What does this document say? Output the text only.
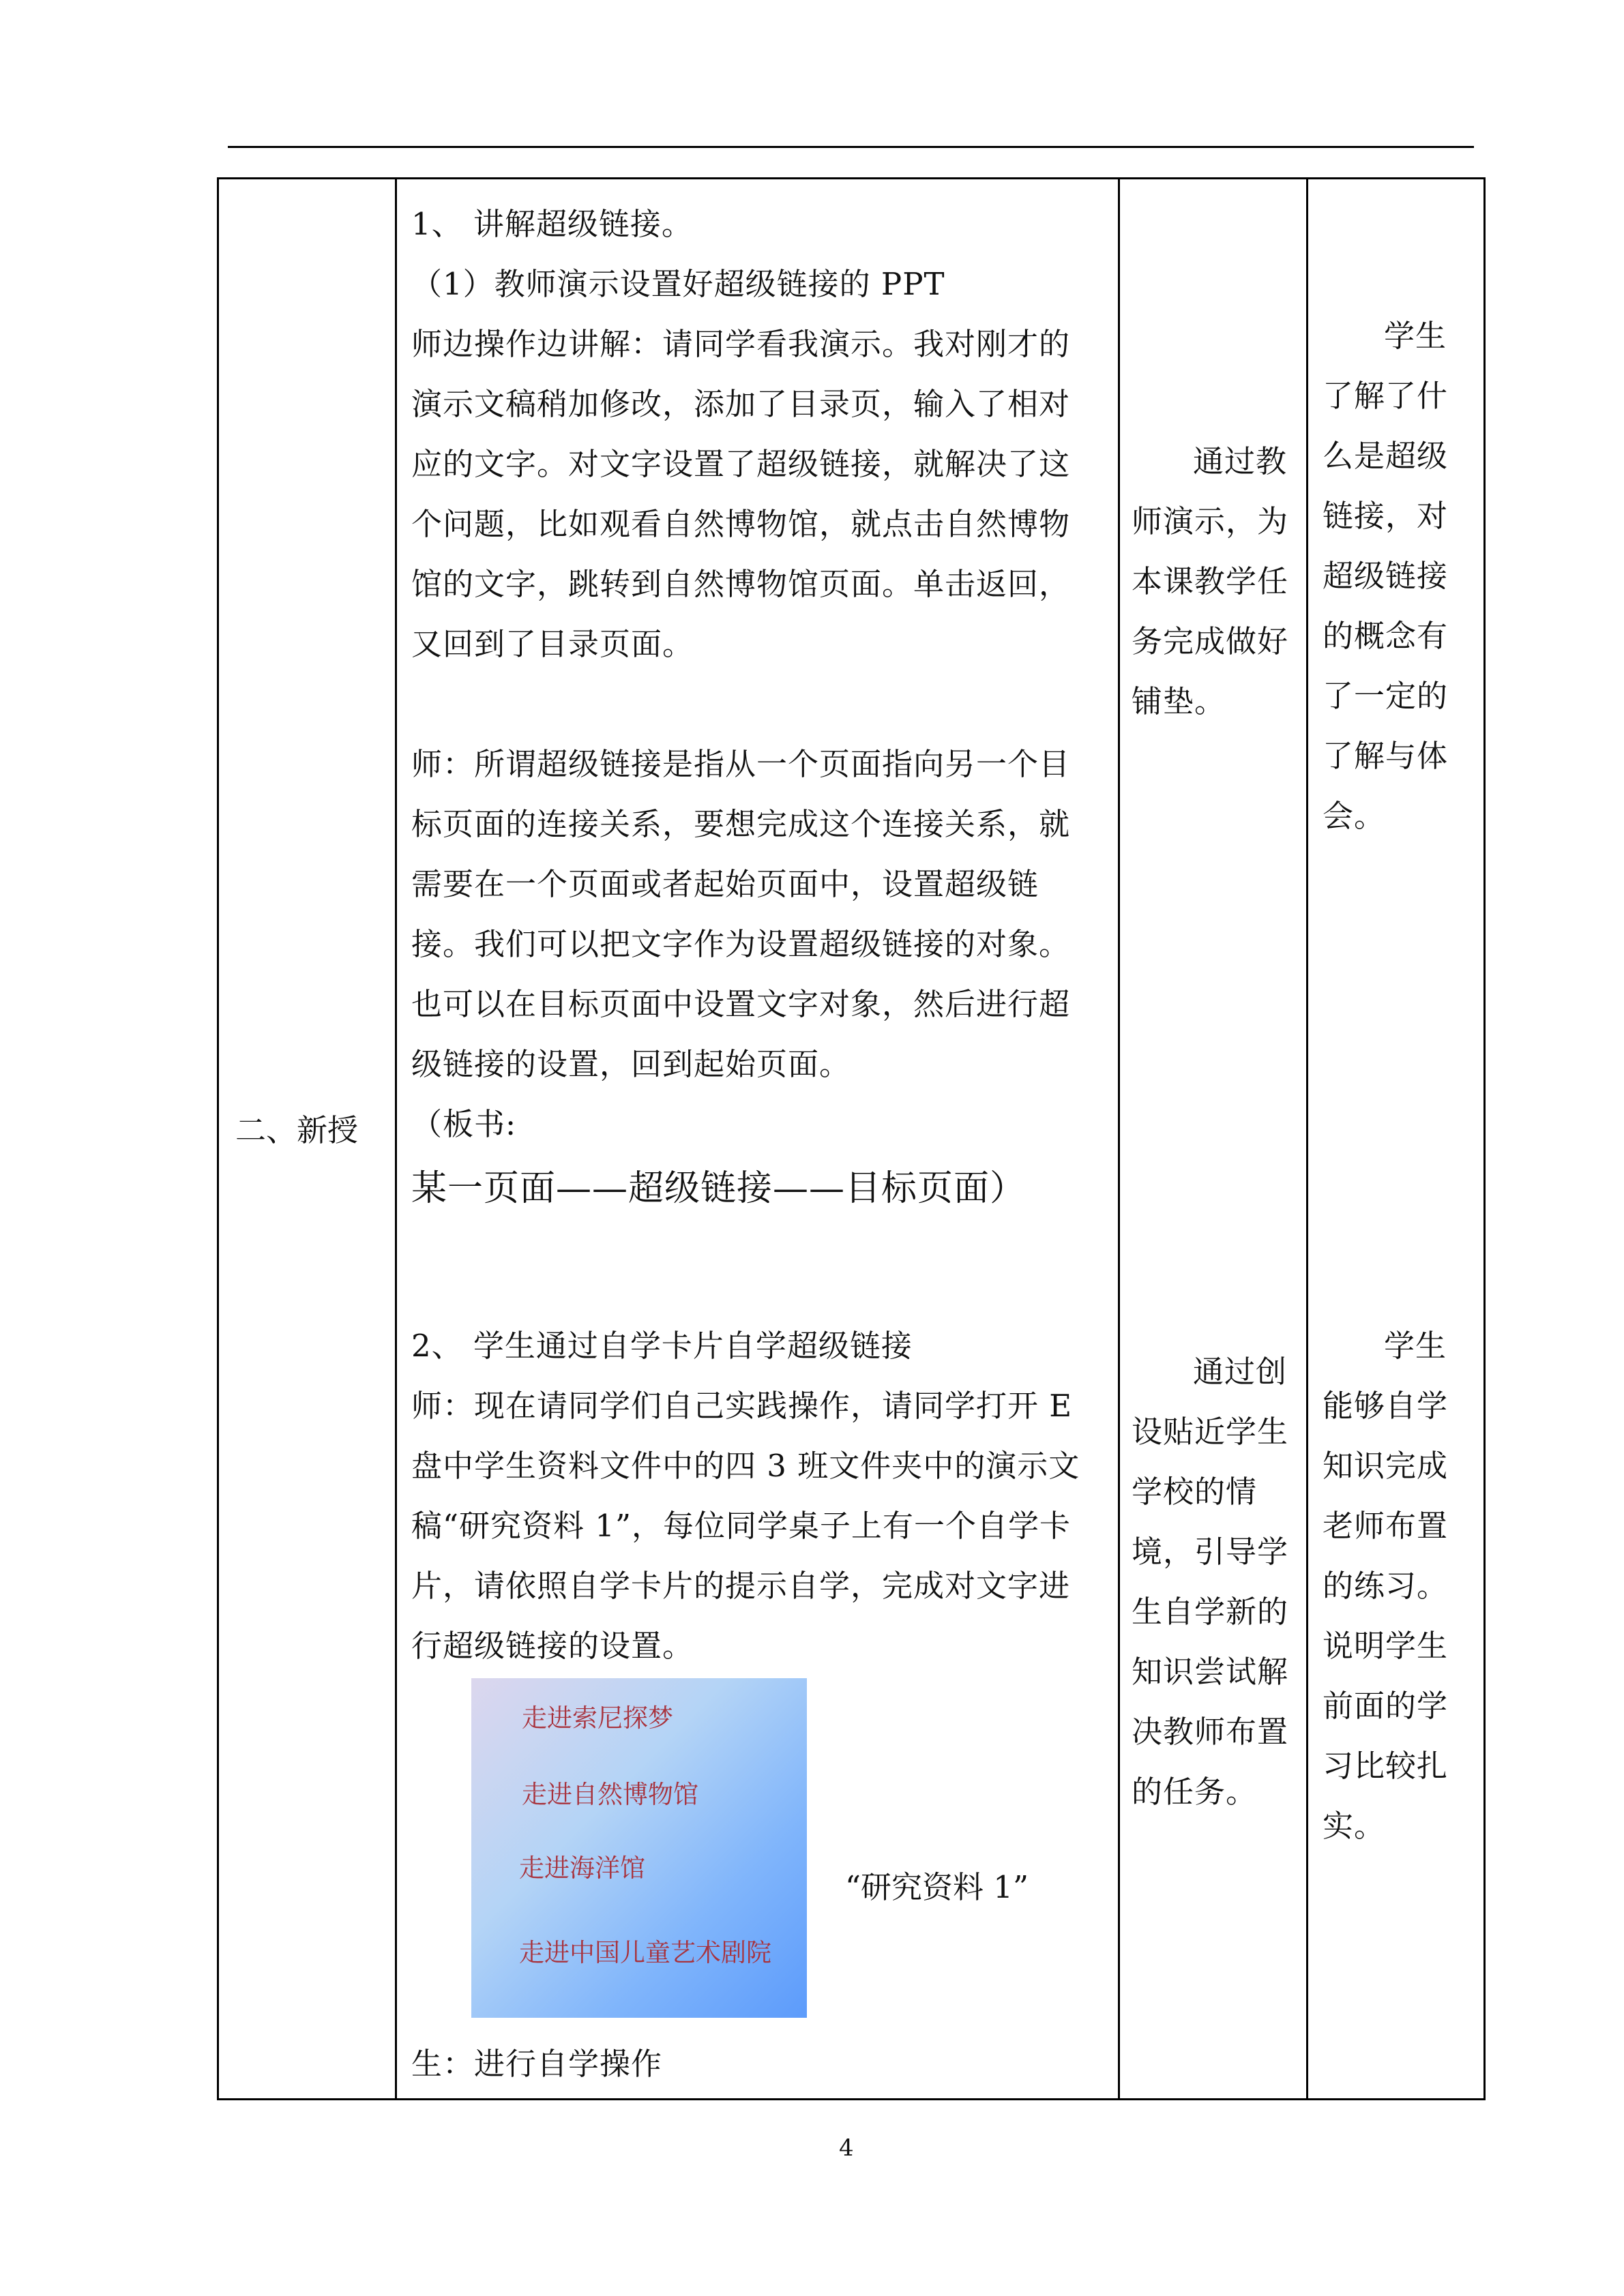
二、新授

1、 讲解超级链接。

（1）教师演示设置好超级链接的 PPT

师边操作边讲解：请同学看我演示。我对刚才的演示文稿稍加修改，添加了目录页，输入了相对应的文字。对文字设置了超级链接，就解决了这个问题，比如观看自然博物馆，就点击自然博物馆的文字，跳转到自然博物馆页面。单击返回，又回到了目录页面。

师：所谓超级链接是指从一个页面指向另一个目标页面的连接关系，要想完成这个连接关系，就需要在一个页面或者起始页面中，设置超级链接。我们可以把文字作为设置超级链接的对象。也可以在目标页面中设置文字对象，然后进行超级链接的设置，回到起始页面。

（板书:

某一页面——超级链接——目标页面）

2、 学生通过自学卡片自学超级链接

师：现在请同学们自己实践操作，请同学打开 E 盘中学生资料文件中的四 3 班文件夹中的演示文稿“研究资料 1”，每位同学桌子上有一个自学卡片，请依照自学卡片的提示自学，完成对文字进行超级链接的设置。

走进索尼探梦
走进自然博物馆
走进海洋馆
走进中国儿童艺术剧院
“研究资料 1”
生：进行自学操作
通过教师演示，为本课教学任务完成做好铺垫。
通过创设贴近学生学校的情境，引导学生自学新的知识尝试解决教师布置的任务。
学生了解了什么是超级链接，对超级链接的概念有了一定的了解与体会。
学生能够自学知识完成老师布置的练习。说明学生前面的学习比较扎实。
4
